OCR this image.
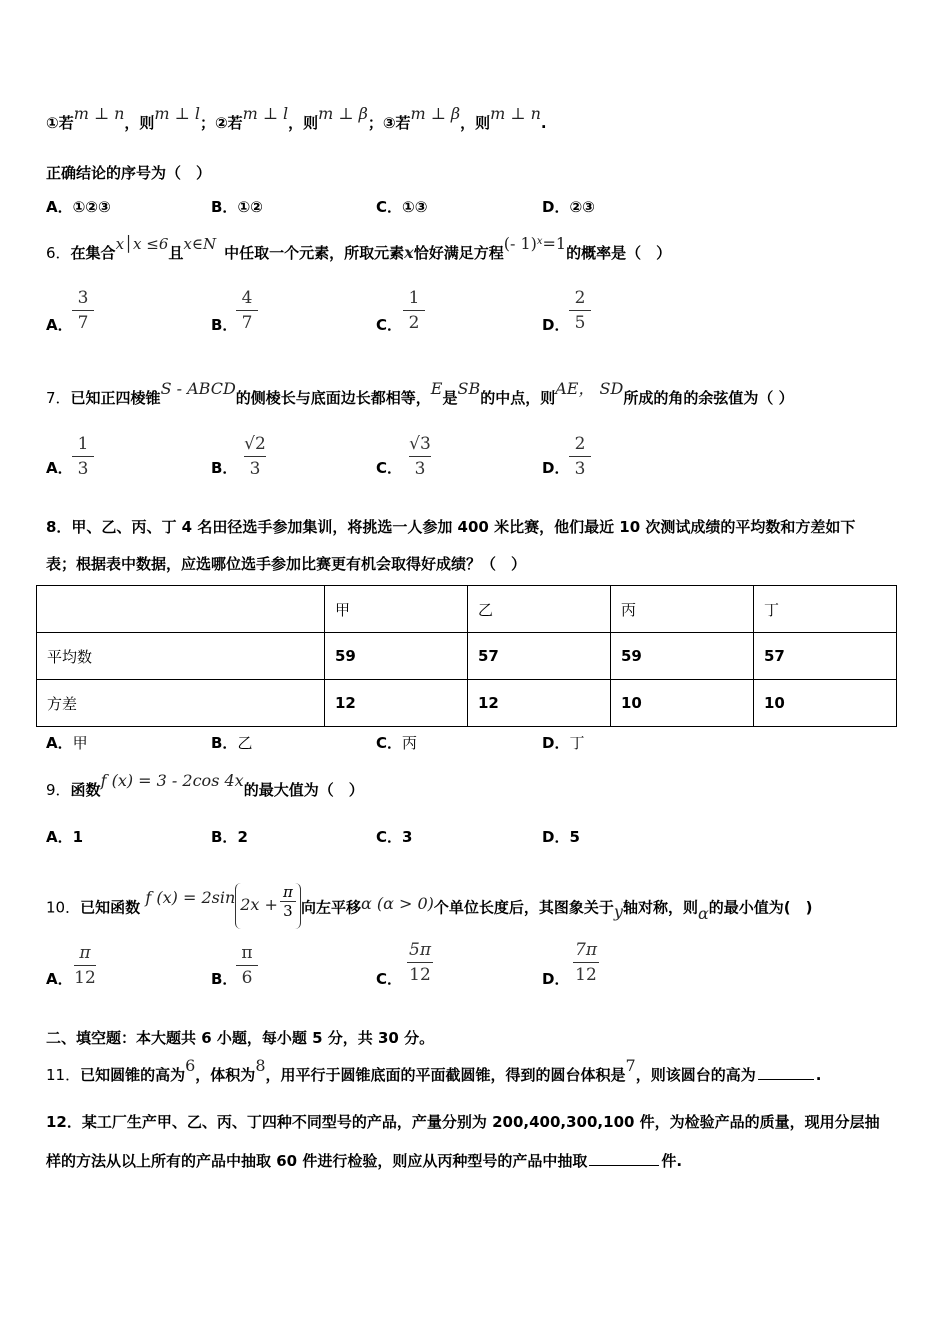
①若m ⊥ n，则m ⊥ l；②若m ⊥ l，则m ⊥ β；③若m ⊥ β，则m ⊥ n.
正确结论的序号为（　）
A．①②③	B．①②	C．①③	D．②③
6．在集合x│x ≤6且x∈N 中任取一个元素，所取元素x恰好满足方程(- 1)$^x$=1的概率是（　）
A．
3
7	B．
4
7	C．
1
2	D．
2
5
7．已知正四棱锥S - ABCD的侧棱长与底面边长都相等，E是SB的中点，则AE， SD所成的角的余弦值为（ ）
A．
1
3	B．
√2
3	C．
√3
3	D．
2
3
8．甲、乙、丙、丁 4 名田径选手参加集训，将挑选一人参加 400 米比赛，他们最近 10 次测试成绩的平均数和方差如下
表；根据表中数据，应选哪位选手参加比赛更有机会取得好成绩？（　）
	甲	乙	丙	丁
平均数	59	57	59	57
方差	12	12	10	10
A．甲	B．乙	C．丙	D．丁
9．函数f (x) = 3 - 2cos 4x的最大值为（　）
A．1	B．2	C．3	D．5
10．已知函数 f (x) = 2sin $2x + \frac{\pi}{3}$ 向左平移α (α > 0)个单位长度后，其图象关于y轴对称，则α的最小值为(　)
A．
π
12	B．
π
6	C．
5π
12	D．
7π
12
二、填空题：本大题共 6 小题，每小题 5 分，共 30 分。
11．已知圆锥的高为6，体积为8，用平行于圆锥底面的平面截圆锥，得到的圆台体积是7，则该圆台的高为	.
12．某工厂生产甲、乙、丙、丁四种不同型号的产品，产量分别为 200,400,300,100 件，为检验产品的质量，现用分层抽
样的方法从以上所有的产品中抽取 60 件进行检验，则应从丙种型号的产品中抽取	件.
